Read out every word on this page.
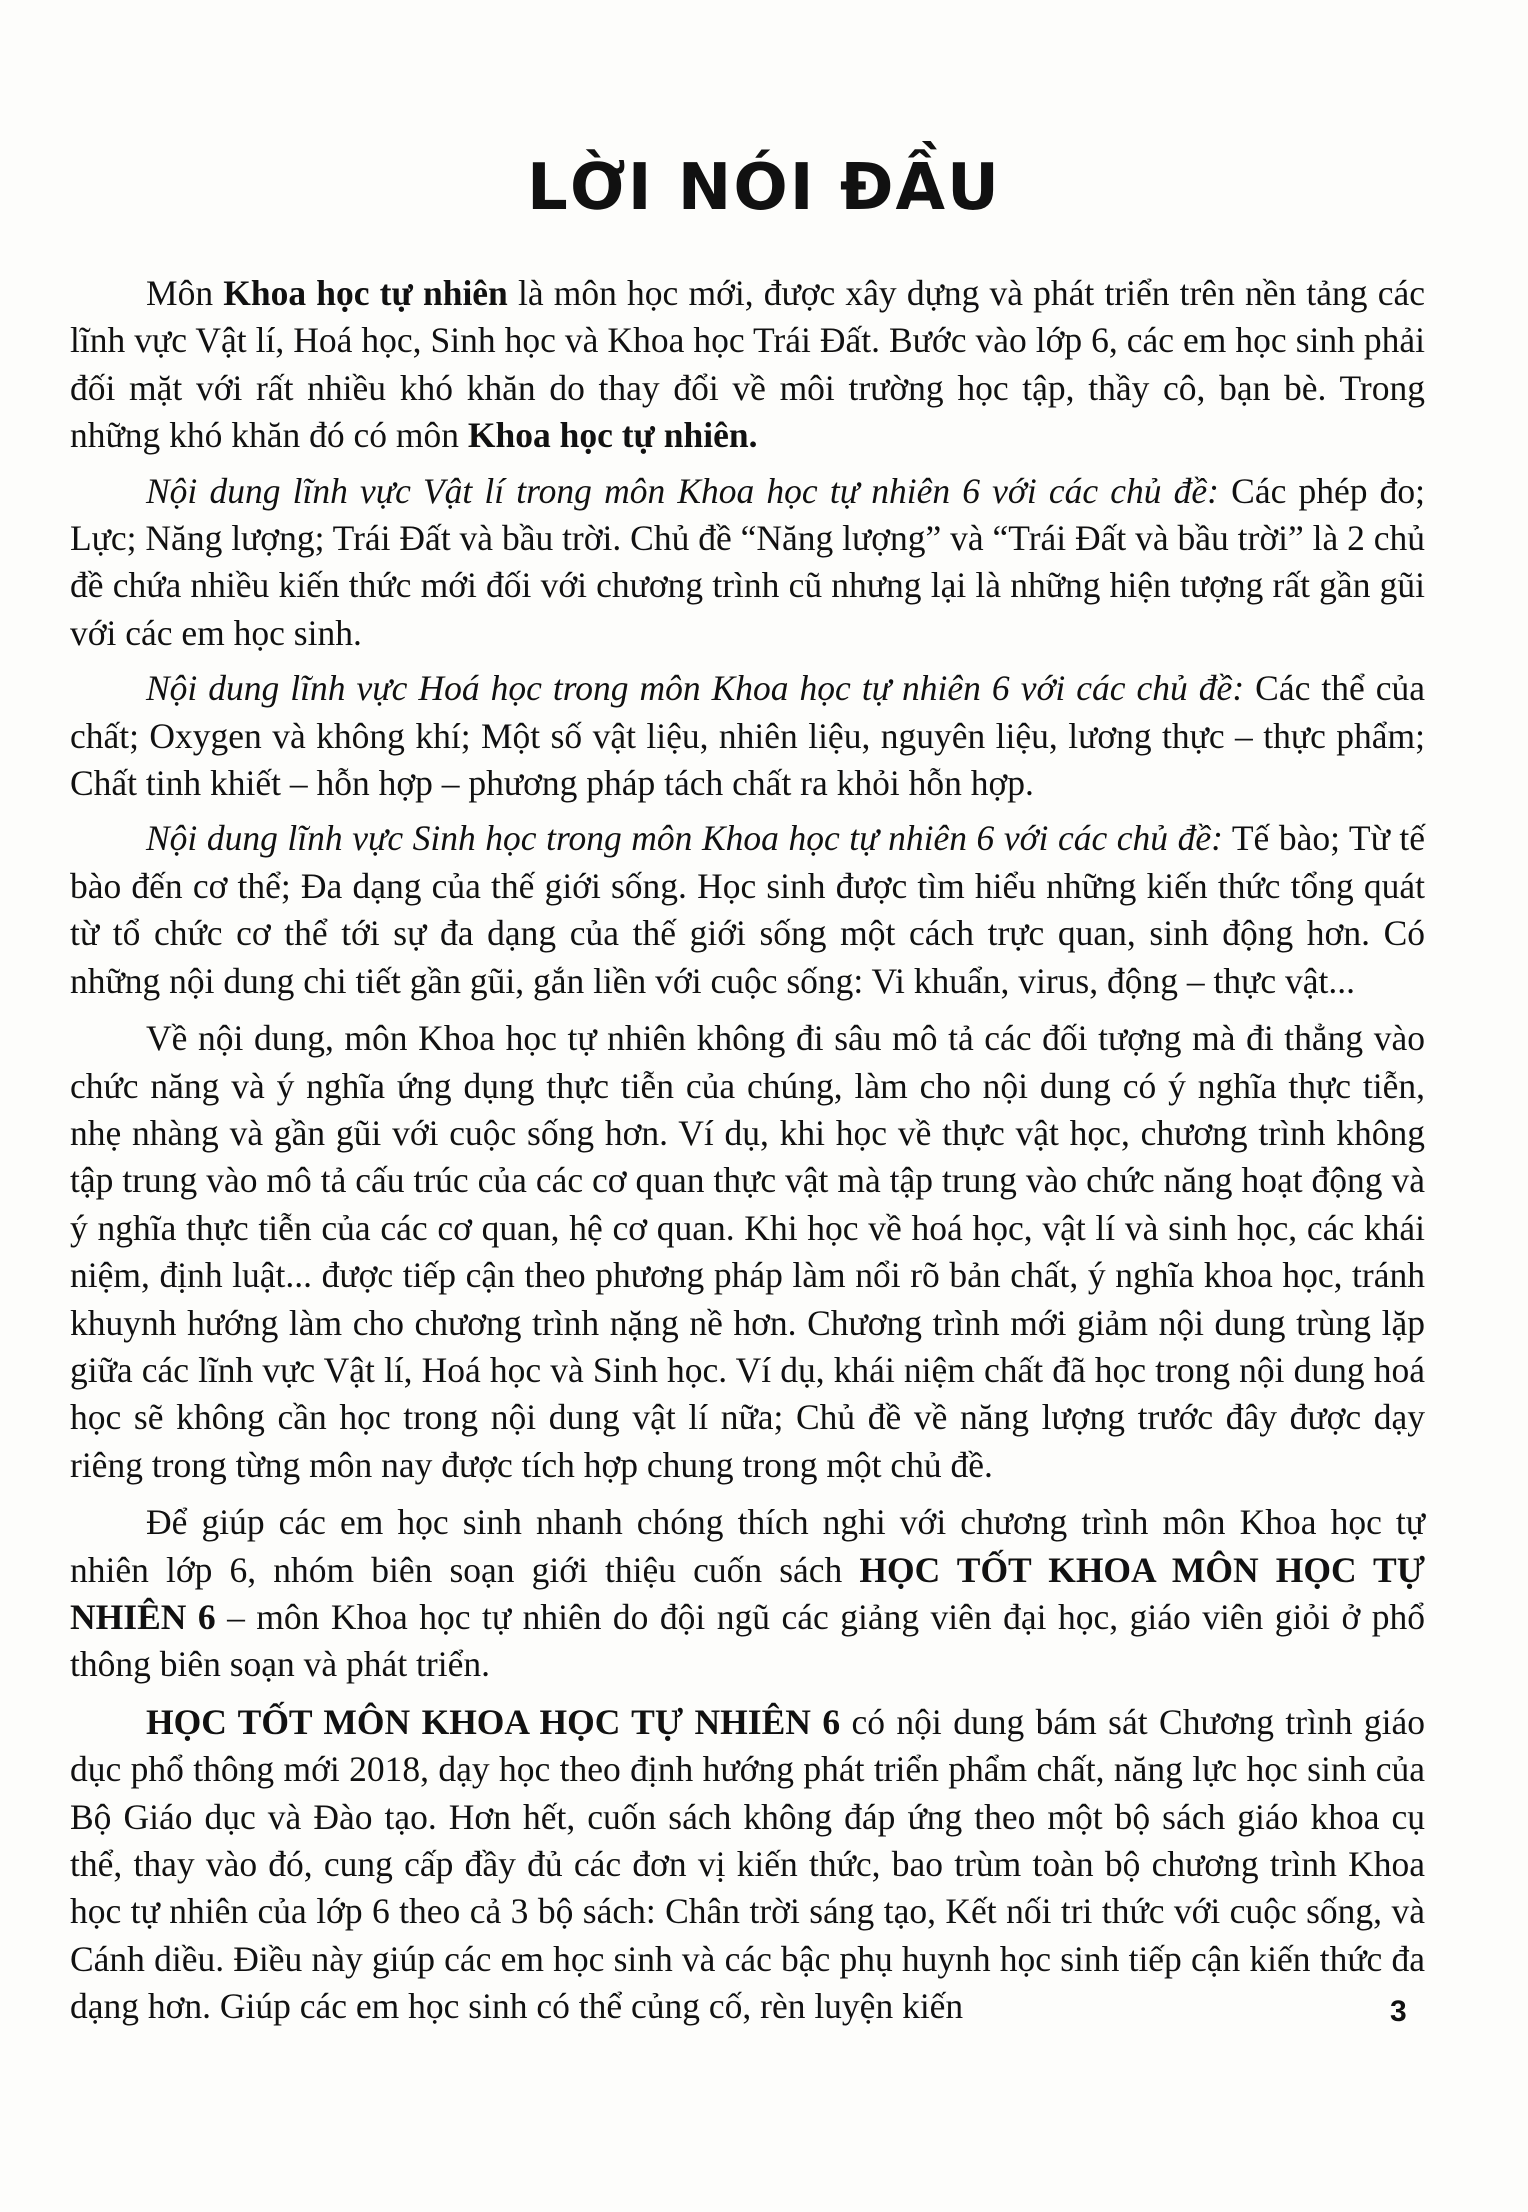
LỜI NÓI ĐẦU

Môn Khoa học tự nhiên là môn học mới, được xây dựng và phát triển trên nền tảng các lĩnh vực Vật lí, Hoá học, Sinh học và Khoa học Trái Đất. Bước vào lớp 6, các em học sinh phải đối mặt với rất nhiều khó khăn do thay đổi về môi trường học tập, thầy cô, bạn bè. Trong những khó khăn đó có môn Khoa học tự nhiên.

Nội dung lĩnh vực Vật lí trong môn Khoa học tự nhiên 6 với các chủ đề: Các phép đo; Lực; Năng lượng; Trái Đất và bầu trời. Chủ đề “Năng lượng” và “Trái Đất và bầu trời” là 2 chủ đề chứa nhiều kiến thức mới đối với chương trình cũ nhưng lại là những hiện tượng rất gần gũi với các em học sinh.

Nội dung lĩnh vực Hoá học trong môn Khoa học tự nhiên 6 với các chủ đề: Các thể của chất; Oxygen và không khí; Một số vật liệu, nhiên liệu, nguyên liệu, lương thực – thực phẩm; Chất tinh khiết – hỗn hợp – phương pháp tách chất ra khỏi hỗn hợp.

Nội dung lĩnh vực Sinh học trong môn Khoa học tự nhiên 6 với các chủ đề: Tế bào; Từ tế bào đến cơ thể; Đa dạng của thế giới sống. Học sinh được tìm hiểu những kiến thức tổng quát từ tổ chức cơ thể tới sự đa dạng của thế giới sống một cách trực quan, sinh động hơn. Có những nội dung chi tiết gần gũi, gắn liền với cuộc sống: Vi khuẩn, virus, động – thực vật...

Về nội dung, môn Khoa học tự nhiên không đi sâu mô tả các đối tượng mà đi thẳng vào chức năng và ý nghĩa ứng dụng thực tiễn của chúng, làm cho nội dung có ý nghĩa thực tiễn, nhẹ nhàng và gần gũi với cuộc sống hơn. Ví dụ, khi học về thực vật học, chương trình không tập trung vào mô tả cấu trúc của các cơ quan thực vật mà tập trung vào chức năng hoạt động và ý nghĩa thực tiễn của các cơ quan, hệ cơ quan. Khi học về hoá học, vật lí và sinh học, các khái niệm, định luật... được tiếp cận theo phương pháp làm nổi rõ bản chất, ý nghĩa khoa học, tránh khuynh hướng làm cho chương trình nặng nề hơn. Chương trình mới giảm nội dung trùng lặp giữa các lĩnh vực Vật lí, Hoá học và Sinh học. Ví dụ, khái niệm chất đã học trong nội dung hoá học sẽ không cần học trong nội dung vật lí nữa; Chủ đề về năng lượng trước đây được dạy riêng trong từng môn nay được tích hợp chung trong một chủ đề.

Để giúp các em học sinh nhanh chóng thích nghi với chương trình môn Khoa học tự nhiên lớp 6, nhóm biên soạn giới thiệu cuốn sách HỌC TỐT KHOA MÔN HỌC TỰ NHIÊN 6 – môn Khoa học tự nhiên do đội ngũ các giảng viên đại học, giáo viên giỏi ở phổ thông biên soạn và phát triển.

HỌC TỐT MÔN KHOA HỌC TỰ NHIÊN 6 có nội dung bám sát Chương trình giáo dục phổ thông mới 2018, dạy học theo định hướng phát triển phẩm chất, năng lực học sinh của Bộ Giáo dục và Đào tạo. Hơn hết, cuốn sách không đáp ứng theo một bộ sách giáo khoa cụ thể, thay vào đó, cung cấp đầy đủ các đơn vị kiến thức, bao trùm toàn bộ chương trình Khoa học tự nhiên của lớp 6 theo cả 3 bộ sách: Chân trời sáng tạo, Kết nối tri thức với cuộc sống, và Cánh diều. Điều này giúp các em học sinh và các bậc phụ huynh học sinh tiếp cận kiến thức đa dạng hơn. Giúp các em học sinh có thể củng cố, rèn luyện kiến	3
